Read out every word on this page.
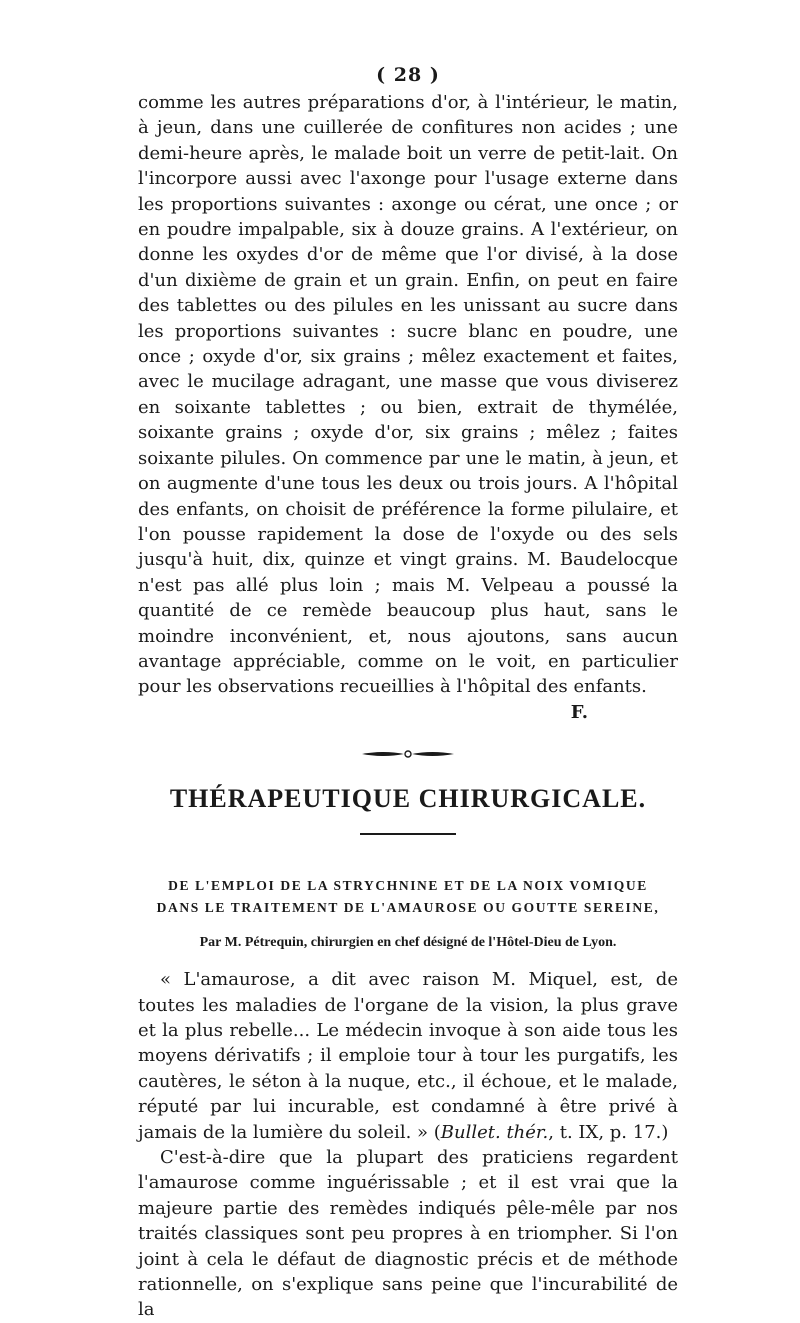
( 28 )

comme les autres préparations d'or, à l'intérieur, le matin, à jeun, dans une cuillerée de confitures non acides ; une demi-heure après, le malade boit un verre de petit-lait. On l'incorpore aussi avec l'axonge pour l'usage externe dans les proportions suivantes : axonge ou cérat, une once ; or en poudre impalpable, six à douze grains. A l'extérieur, on donne les oxydes d'or de même que l'or divisé, à la dose d'un dixième de grain et un grain. Enfin, on peut en faire des tablettes ou des pilules en les unissant au sucre dans les proportions suivantes : sucre blanc en poudre, une once ; oxyde d'or, six grains ; mêlez exactement et faites, avec le mucilage adragant, une masse que vous diviserez en soixante tablettes ; ou bien, extrait de thymélée, soixante grains ; oxyde d'or, six grains ; mêlez ; faites soixante pilules. On commence par une le matin, à jeun, et on augmente d'une tous les deux ou trois jours. A l'hôpital des enfants, on choisit de préférence la forme pilulaire, et l'on pousse rapidement la dose de l'oxyde ou des sels jusqu'à huit, dix, quinze et vingt grains. M. Baudelocque n'est pas allé plus loin ; mais M. Velpeau a poussé la quantité de ce remède beaucoup plus haut, sans le moindre inconvénient, et, nous ajoutons, sans aucun avantage appréciable, comme on le voit, en particulier pour les observations recueillies à l'hôpital des enfants.

F.

THÉRAPEUTIQUE CHIRURGICALE.
DE L'EMPLOI DE LA STRYCHNINE ET DE LA NOIX VOMIQUE
DANS LE TRAITEMENT DE L'AMAUROSE OU GOUTTE SEREINE,
Par M. Pétrequin, chirurgien en chef désigné de l'Hôtel-Dieu de Lyon.

« L'amaurose, a dit avec raison M. Miquel, est, de toutes les maladies de l'organe de la vision, la plus grave et la plus rebelle... Le médecin invoque à son aide tous les moyens dérivatifs ; il emploie tour à tour les purgatifs, les cautères, le séton à la nuque, etc., il échoue, et le malade, réputé par lui incurable, est condamné à être privé à jamais de la lumière du soleil. » (Bullet. thér., t. IX, p. 17.)

C'est-à-dire que la plupart des praticiens regardent l'amaurose comme inguérissable ; et il est vrai que la majeure partie des remèdes indiqués pêle-mêle par nos traités classiques sont peu propres à en triompher. Si l'on joint à cela le défaut de diagnostic précis et de méthode rationnelle, on s'explique sans peine que l'incurabilité de la
